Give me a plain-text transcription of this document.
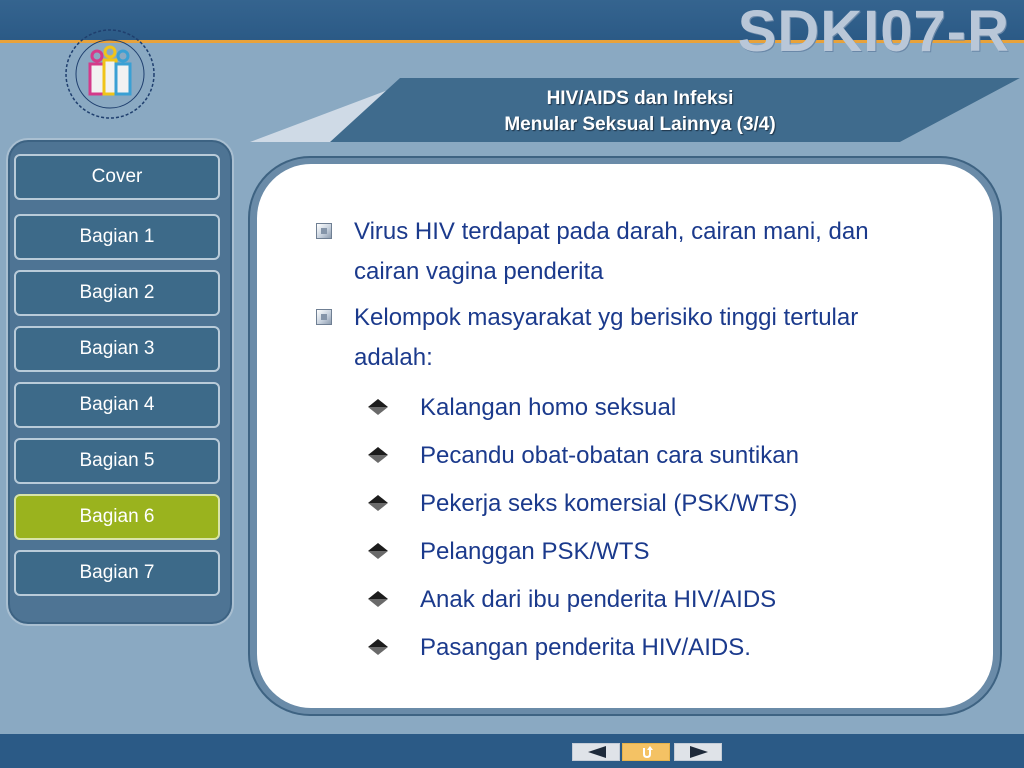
SDKI07-R
HIV/AIDS dan Infeksi
Menular Seksual Lainnya (3/4)
Cover
Bagian 1
Bagian 2
Bagian 3
Bagian 4
Bagian 5
Bagian 6
Bagian 7
Virus HIV terdapat pada darah, cairan mani, dan cairan vagina penderita
Kelompok masyarakat yg berisiko tinggi tertular adalah:
Kalangan homo seksual
Pecandu obat-obatan cara suntikan
Pekerja seks komersial (PSK/WTS)
Pelanggan PSK/WTS
Anak dari ibu penderita HIV/AIDS
Pasangan penderita HIV/AIDS.
